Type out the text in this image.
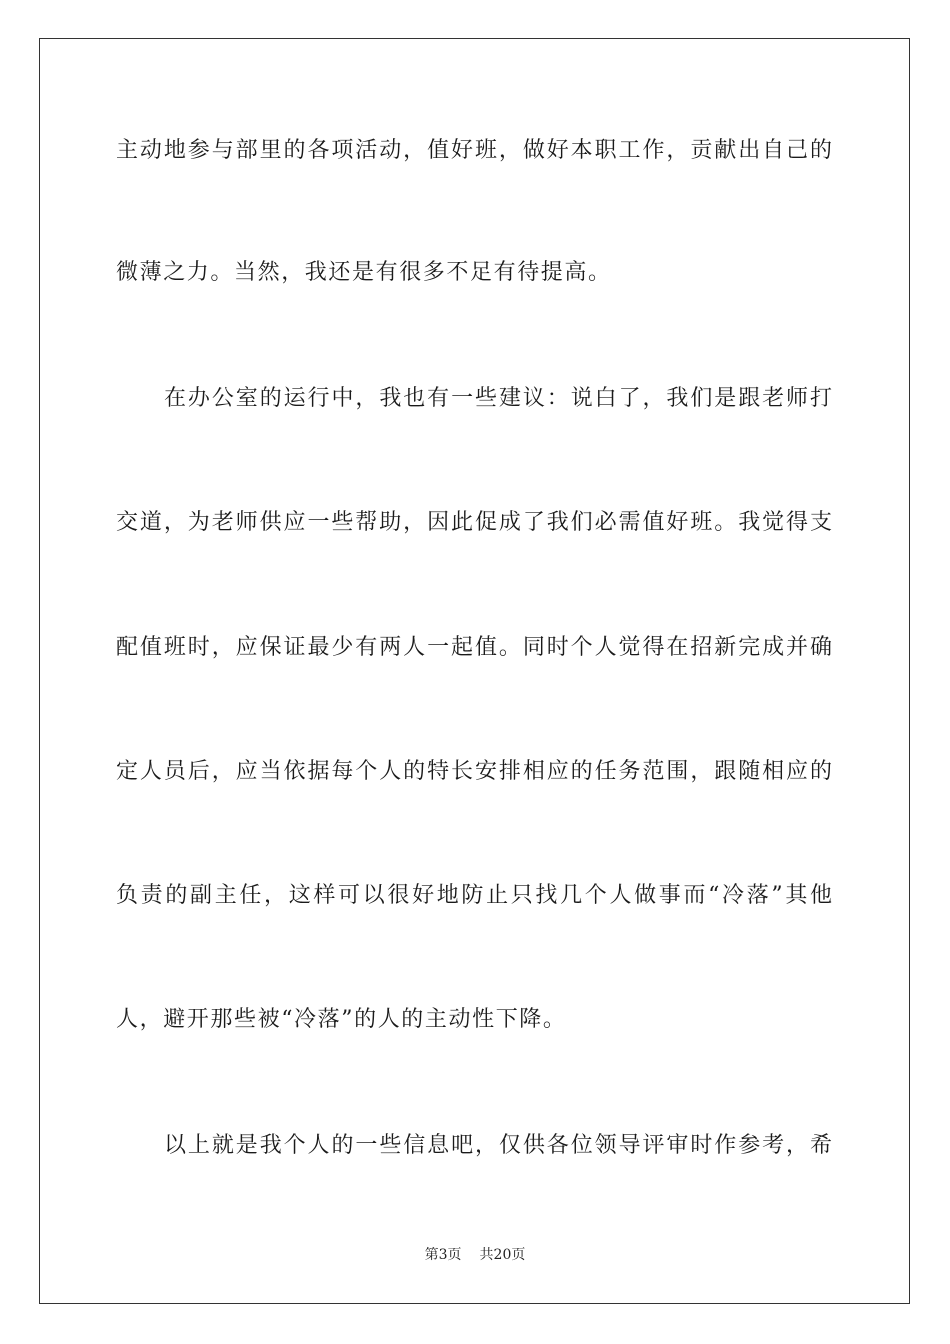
主动地参与部里的各项活动，值好班，做好本职工作，贡献出自己的
微薄之力。当然，我还是有很多不足有待提高。
在办公室的运行中，我也有一些建议：说白了，我们是跟老师打
交道，为老师供应一些帮助，因此促成了我们必需值好班。我觉得支
配值班时，应保证最少有两人一起值。同时个人觉得在招新完成并确
定人员后，应当依据每个人的特长安排相应的任务范围，跟随相应的
负责的副主任，这样可以很好地防止只找几个人做事而“冷落”其他
人，避开那些被“冷落”的人的主动性下降。
以上就是我个人的一些信息吧，仅供各位领导评审时作参考，希
第3页 共20页
